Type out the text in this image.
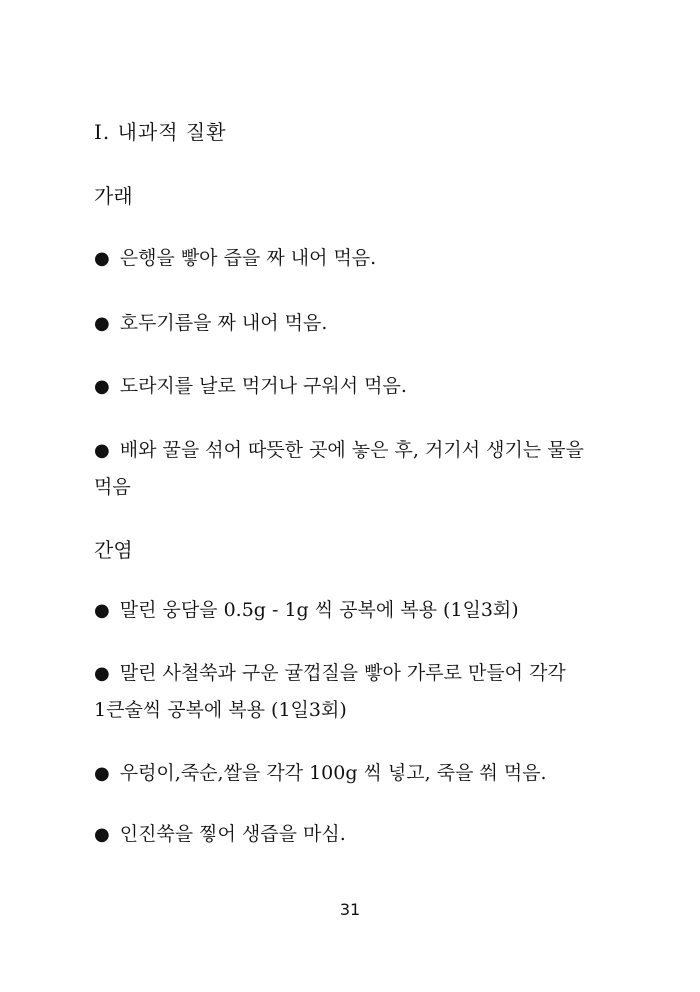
Ⅰ. 내과적 질환
가래
● 은행을 빻아 즙을 짜 내어 먹음.
● 호두기름을 짜 내어 먹음.
● 도라지를 날로 먹거나 구워서 먹음.
● 배와 꿀을 섞어 따뜻한 곳에 놓은 후, 거기서 생기는 물을 먹음
간염
● 말린 웅담을 0.5g - 1g 씩 공복에 복용 (1일3회)
● 말린 사철쑥과 구운 귤껍질을 빻아 가루로 만들어 각각 1큰술씩 공복에 복용 (1일3회)
● 우렁이,죽순,쌀을 각각 100g 씩 넣고, 죽을 쒀 먹음.
● 인진쑥을 찧어 생즙을 마심.
31
